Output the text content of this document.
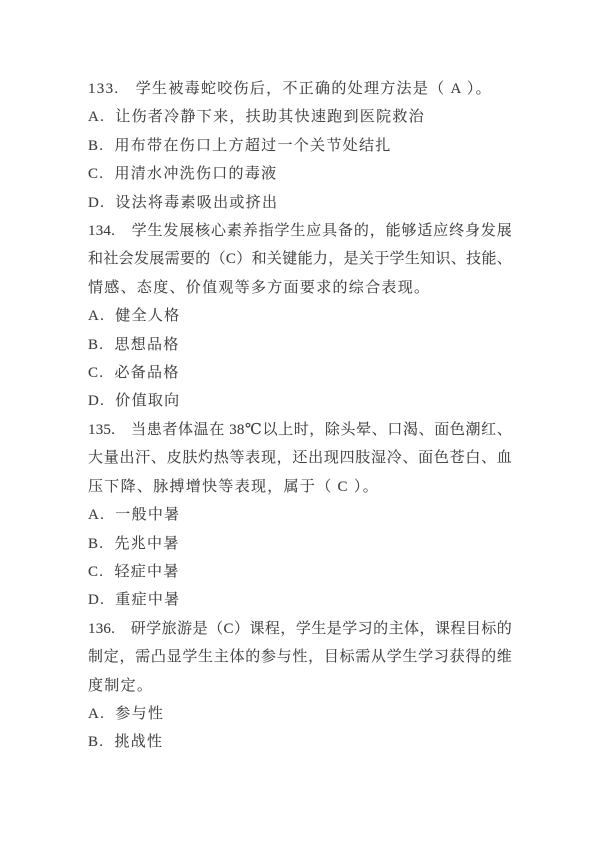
133.　学生被毒蛇咬伤后，不正确的处理方法是（ A ）。

A.  让伤者冷静下来，扶助其快速跑到医院救治

B.  用布带在伤口上方超过一个关节处结扎

C.  用清水冲洗伤口的毒液

D.  设法将毒素吸出或挤出

134.　学生发展核心素养指学生应具备的，能够适应终身发展

和社会发展需要的（C）和关键能力，是关于学生知识、技能、

情感、态度、价值观等多方面要求的综合表现。

A.  健全人格

B.  思想品格

C.  必备品格

D.  价值取向

135.　当患者体温在 38℃以上时，除头晕、口渴、面色潮红、

大量出汗、皮肤灼热等表现，还出现四肢湿冷、面色苍白、血

压下降、脉搏增快等表现，属于（ C ）。

A.  一般中暑

B.  先兆中暑

C.  轻症中暑

D.  重症中暑

136.　研学旅游是（C）课程，学生是学习的主体，课程目标的

制定，需凸显学生主体的参与性，目标需从学生学习获得的维

度制定。

A.  参与性

B.  挑战性
